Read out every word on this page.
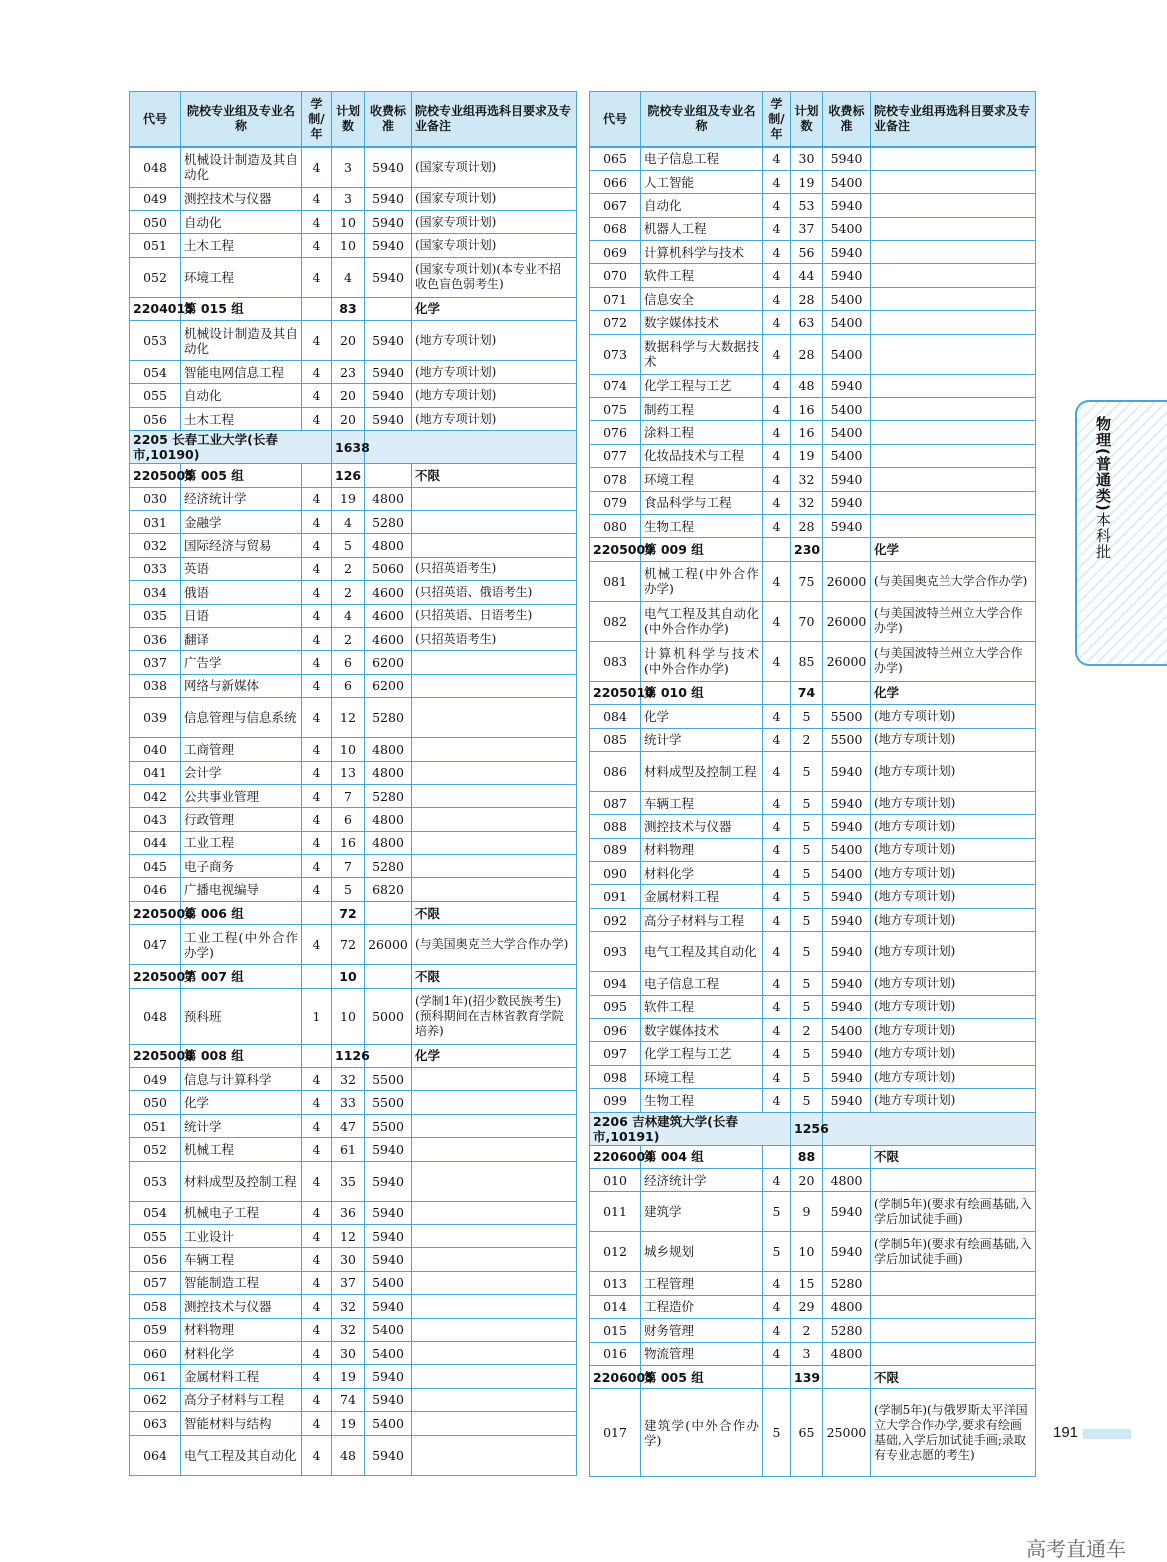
代号	院校专业组及专业名称	学制/年	计划数	收费标准	院校专业组再选科目要求及专业备注
048	机械设计制造及其自动化	4	3	5940	(国家专项计划)
049	测控技术与仪器	4	3	5940	(国家专项计划)
050	自动化	4	10	5940	(国家专项计划)
051	土木工程	4	10	5940	(国家专项计划)
052	环境工程	4	4	5940	(国家专项计划)(本专业不招收色盲色弱考生)
2204015	第 015 组		83		化学
053	机械设计制造及其自动化	4	20	5940	(地方专项计划)
054	智能电网信息工程	4	23	5940	(地方专项计划)
055	自动化	4	20	5940	(地方专项计划)
056	土木工程	4	20	5940	(地方专项计划)
2205 长春工业大学(长春市,10190)			1638		
2205005	第 005 组		126		不限
030	经济统计学	4	19	4800	
031	金融学	4	4	5280	
032	国际经济与贸易	4	5	4800	
033	英语	4	2	5060	(只招英语考生)
034	俄语	4	2	4600	(只招英语、俄语考生)
035	日语	4	4	4600	(只招英语、日语考生)
036	翻译	4	2	4600	(只招英语考生)
037	广告学	4	6	6200	
038	网络与新媒体	4	6	6200	
039	信息管理与信息系统	4	12	5280	
040	工商管理	4	10	4800	
041	会计学	4	13	4800	
042	公共事业管理	4	7	5280	
043	行政管理	4	6	4800	
044	工业工程	4	16	4800	
045	电子商务	4	7	5280	
046	广播电视编导	4	5	6820	
2205006	第 006 组		72		不限
047	工业工程(中外合作办学)	4	72	26000	(与美国奥克兰大学合作办学)
2205007	第 007 组		10		不限
048	预科班	1	10	5000	(学制1年)(招少数民族考生)(预科期间在吉林省教育学院培养)
2205008	第 008 组		1126		化学
049	信息与计算科学	4	32	5500	
050	化学	4	33	5500	
051	统计学	4	47	5500	
052	机械工程	4	61	5940	
053	材料成型及控制工程	4	35	5940	
054	机械电子工程	4	36	5940	
055	工业设计	4	12	5940	
056	车辆工程	4	30	5940	
057	智能制造工程	4	37	5400	
058	测控技术与仪器	4	32	5940	
059	材料物理	4	32	5400	
060	材料化学	4	30	5400	
061	金属材料工程	4	19	5940	
062	高分子材料与工程	4	74	5940	
063	智能材料与结构	4	19	5400	
064	电气工程及其自动化	4	48	5940	
代号	院校专业组及专业名称	学制/年	计划数	收费标准	院校专业组再选科目要求及专业备注
065	电子信息工程	4	30	5940	
066	人工智能	4	19	5400	
067	自动化	4	53	5940	
068	机器人工程	4	37	5400	
069	计算机科学与技术	4	56	5940	
070	软件工程	4	44	5940	
071	信息安全	4	28	5400	
072	数字媒体技术	4	63	5400	
073	数据科学与大数据技术	4	28	5400	
074	化学工程与工艺	4	48	5940	
075	制药工程	4	16	5400	
076	涂料工程	4	16	5400	
077	化妆品技术与工程	4	19	5400	
078	环境工程	4	32	5940	
079	食品科学与工程	4	32	5940	
080	生物工程	4	28	5940	
2205009	第 009 组		230		化学
081	机械工程(中外合作办学)	4	75	26000	(与美国奥克兰大学合作办学)
082	电气工程及其自动化(中外合作办学)	4	70	26000	(与美国波特兰州立大学合作办学)
083	计算机科学与技术(中外合作办学)	4	85	26000	(与美国波特兰州立大学合作办学)
2205010	第 010 组		74		化学
084	化学	4	5	5500	(地方专项计划)
085	统计学	4	2	5500	(地方专项计划)
086	材料成型及控制工程	4	5	5940	(地方专项计划)
087	车辆工程	4	5	5940	(地方专项计划)
088	测控技术与仪器	4	5	5940	(地方专项计划)
089	材料物理	4	5	5400	(地方专项计划)
090	材料化学	4	5	5400	(地方专项计划)
091	金属材料工程	4	5	5940	(地方专项计划)
092	高分子材料与工程	4	5	5940	(地方专项计划)
093	电气工程及其自动化	4	5	5940	(地方专项计划)
094	电子信息工程	4	5	5940	(地方专项计划)
095	软件工程	4	5	5940	(地方专项计划)
096	数字媒体技术	4	2	5400	(地方专项计划)
097	化学工程与工艺	4	5	5940	(地方专项计划)
098	环境工程	4	5	5940	(地方专项计划)
099	生物工程	4	5	5940	(地方专项计划)
2206 吉林建筑大学(长春市,10191)			1256		
2206004	第 004 组		88		不限
010	经济统计学	4	20	4800	
011	建筑学	5	9	5940	(学制5年)(要求有绘画基础,入学后加试徒手画)
012	城乡规划	5	10	5940	(学制5年)(要求有绘画基础,入学后加试徒手画)
013	工程管理	4	15	5280	
014	工程造价	4	29	4800	
015	财务管理	4	2	5280	
016	物流管理	4	3	4800	
2206005	第 005 组		139		不限
017	建筑学(中外合作办学)	5	65	25000	(学制5年)(与俄罗斯太平洋国立大学合作办学,要求有绘画基础,入学后加试徒手画;录取有专业志愿的考生)
物理(普通类)本科批
191
高考直通车
